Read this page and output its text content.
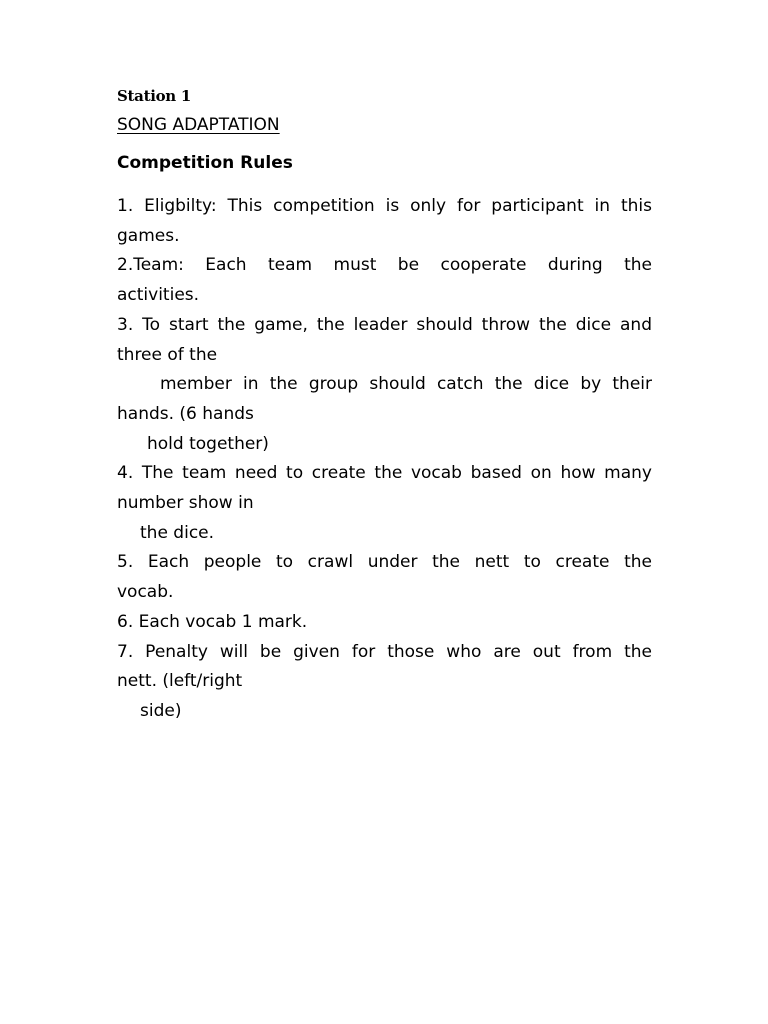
Station 1
SONG ADAPTATION
Competition Rules
1. Eligbilty: This competition is only for participant in this
games.
2.Team: Each team must be cooperate during the
activities.
3. To start the game, the leader should throw the dice and
three of the
member in the group should catch the dice by their
hands. (6 hands
hold together)
4. The team need to create the vocab based on how many
number show in
the dice.
5. Each people to crawl under the nett to create the
vocab.
6. Each vocab 1 mark.
7. Penalty will be given for those who are out from the
nett. (left/right
side)
